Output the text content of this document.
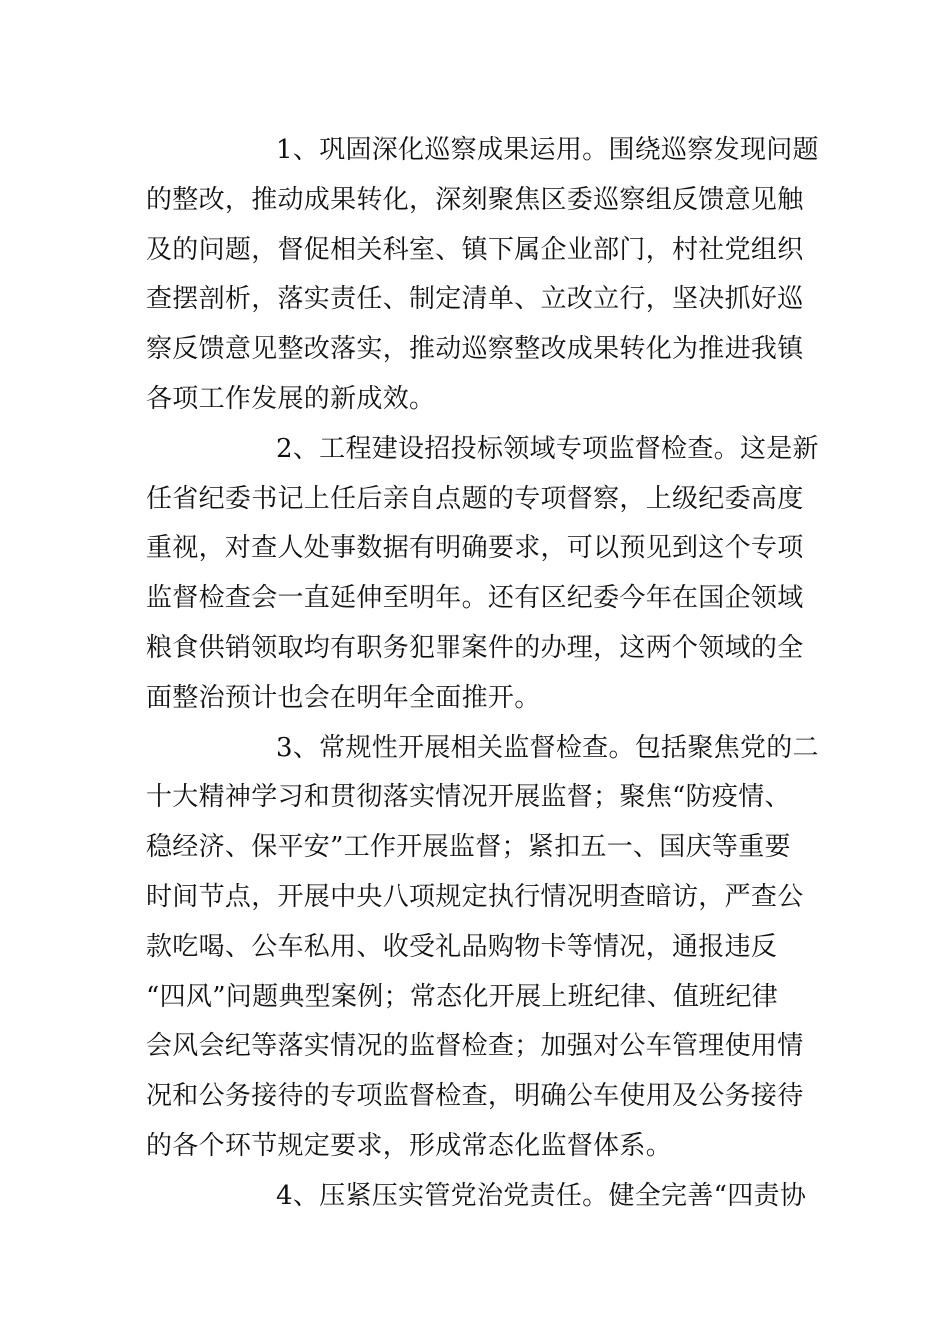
1、巩固深化巡察成果运用。围绕巡察发现问题
的整改，推动成果转化，深刻聚焦区委巡察组反馈意见触
及的问题，督促相关科室、镇下属企业部门，村社党组织
查摆剖析，落实责任、制定清单、立改立行，坚决抓好巡
察反馈意见整改落实，推动巡察整改成果转化为推进我镇
各项工作发展的新成效。
2、工程建设招投标领域专项监督检查。这是新
任省纪委书记上任后亲自点题的专项督察，上级纪委高度
重视，对查人处事数据有明确要求，可以预见到这个专项
监督检查会一直延伸至明年。还有区纪委今年在国企领域
粮食供销领取均有职务犯罪案件的办理，这两个领域的全
面整治预计也会在明年全面推开。
3、常规性开展相关监督检查。包括聚焦党的二
十大精神学习和贯彻落实情况开展监督；聚焦“防疫情、
稳经济、保平安”工作开展监督；紧扣五一、国庆等重要
时间节点，开展中央八项规定执行情况明查暗访，严查公
款吃喝、公车私用、收受礼品购物卡等情况，通报违反
“四风”问题典型案例；常态化开展上班纪律、值班纪律
会风会纪等落实情况的监督检查；加强对公车管理使用情
况和公务接待的专项监督检查，明确公车使用及公务接待
的各个环节规定要求，形成常态化监督体系。
4、压紧压实管党治党责任。健全完善“四责协
